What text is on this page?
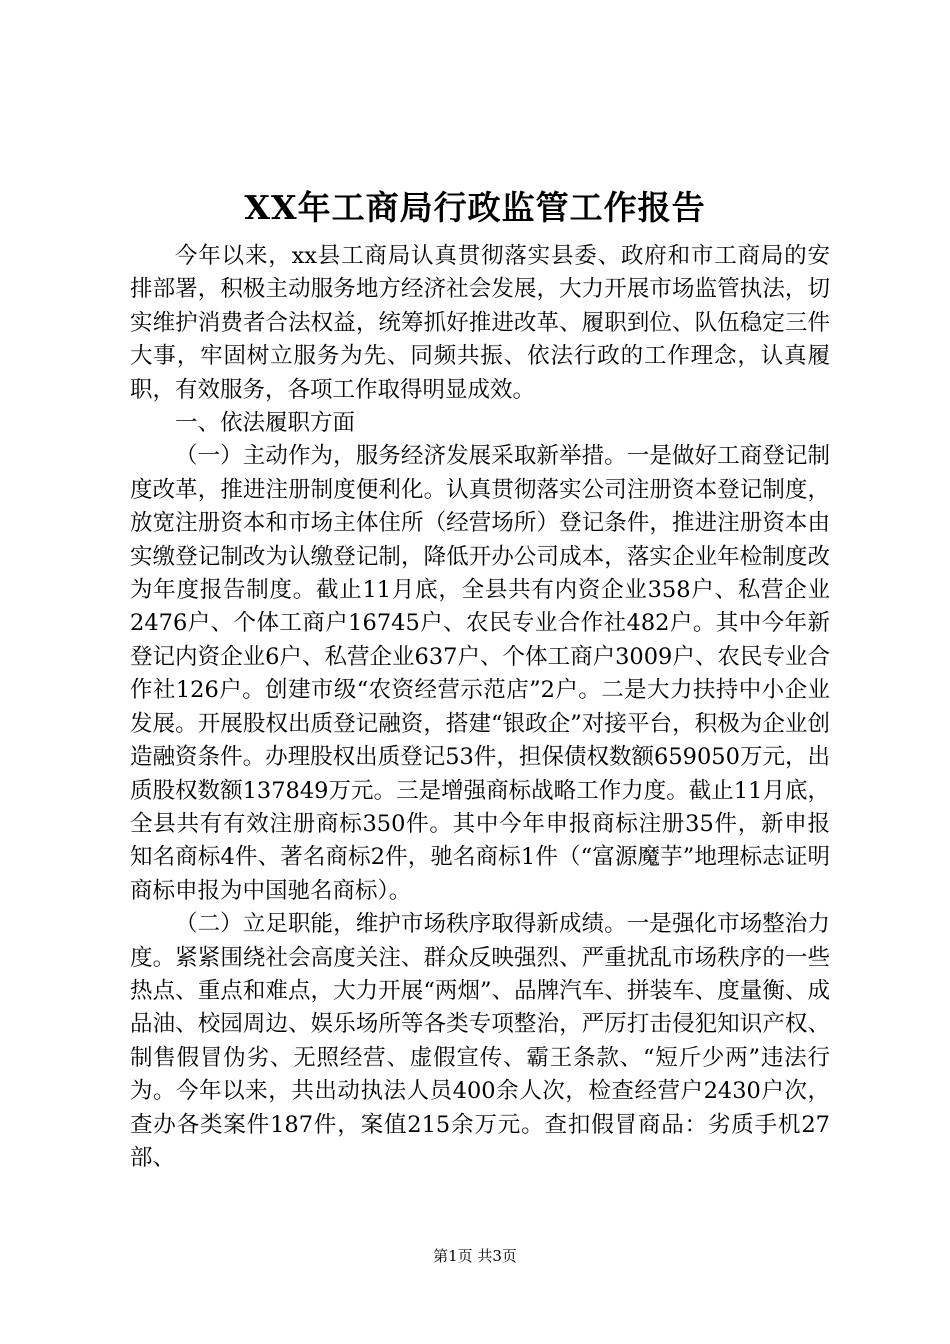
XX年工商局行政监管工作报告

今年以来，xx县工商局认真贯彻落实县委、政府和市工商局的安排部署，积极主动服务地方经济社会发展，大力开展市场监管执法，切实维护消费者合法权益，统筹抓好推进改革、履职到位、队伍稳定三件大事，牢固树立服务为先、同频共振、依法行政的工作理念，认真履职，有效服务，各项工作取得明显成效。

一、依法履职方面

（一）主动作为，服务经济发展采取新举措。一是做好工商登记制度改革，推进注册制度便利化。认真贯彻落实公司注册资本登记制度，放宽注册资本和市场主体住所（经营场所）登记条件，推进注册资本由实缴登记制改为认缴登记制，降低开办公司成本，落实企业年检制度改为年度报告制度。截止11月底，全县共有内资企业358户、私营企业2476户、个体工商户16745户、农民专业合作社482户。其中今年新登记内资企业6户、私营企业637户、个体工商户3009户、农民专业合作社126户。创建市级“农资经营示范店”2户。二是大力扶持中小企业发展。开展股权出质登记融资，搭建“银政企”对接平台，积极为企业创造融资条件。办理股权出质登记53件，担保债权数额659050万元，出质股权数额137849万元。三是增强商标战略工作力度。截止11月底，全县共有有效注册商标350件。其中今年申报商标注册35件，新申报知名商标4件、著名商标2件，驰名商标1件（“富源魔芋”地理标志证明商标申报为中国驰名商标）。

（二）立足职能，维护市场秩序取得新成绩。一是强化市场整治力度。紧紧围绕社会高度关注、群众反映强烈、严重扰乱市场秩序的一些热点、重点和难点，大力开展“两烟”、品牌汽车、拼装车、度量衡、成品油、校园周边、娱乐场所等各类专项整治，严厉打击侵犯知识产权、制售假冒伪劣、无照经营、虚假宣传、霸王条款、“短斤少两”违法行为。今年以来，共出动执法人员400余人次，检查经营户2430户次，查办各类案件187件，案值215余万元。查扣假冒商品：劣质手机27部、

第1页 共3页
